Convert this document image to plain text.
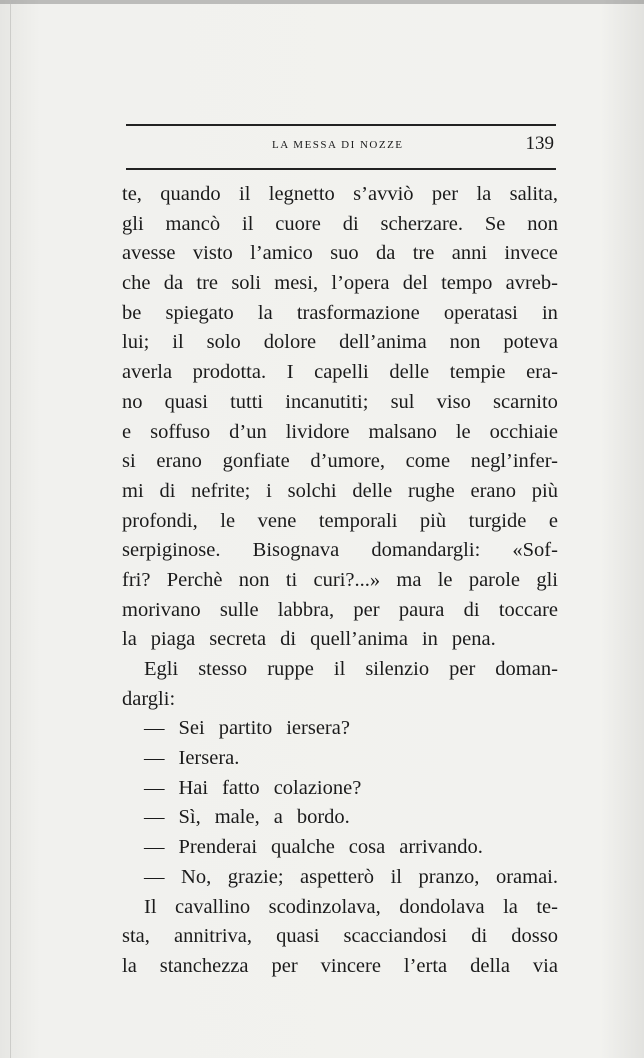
LA MESSA DI NOZZE	139
te, quando il legnetto s’avviò per la salita,
gli mancò il cuore di scherzare. Se non
avesse visto l’amico suo da tre anni invece
che da tre soli mesi, l’opera del tempo avreb-
be spiegato la trasformazione operatasi in
lui; il solo dolore dell’anima non poteva
averla prodotta. I capelli delle tempie era-
no quasi tutti incanutiti; sul viso scarnito
e soffuso d’un lividore malsano le occhiaie
si erano gonfiate d’umore, come negl’infer-
mi di nefrite; i solchi delle rughe erano più
profondi, le vene temporali più turgide e
serpiginose. Bisognava domandargli: «Sof-
fri? Perchè non ti curi?...» ma le parole gli
morivano sulle labbra, per paura di toccare
la piaga secreta di quell’anima in pena.
Egli stesso ruppe il silenzio per doman-
dargli:
— Sei partito iersera?
— Iersera.
— Hai fatto colazione?
— Sì, male, a bordo.
— Prenderai qualche cosa arrivando.
— No, grazie; aspetterò il pranzo, oramai.
Il cavallino scodinzolava, dondolava la te-
sta, annitriva, quasi scacciandosi di dosso
la stanchezza per vincere l’erta della via
